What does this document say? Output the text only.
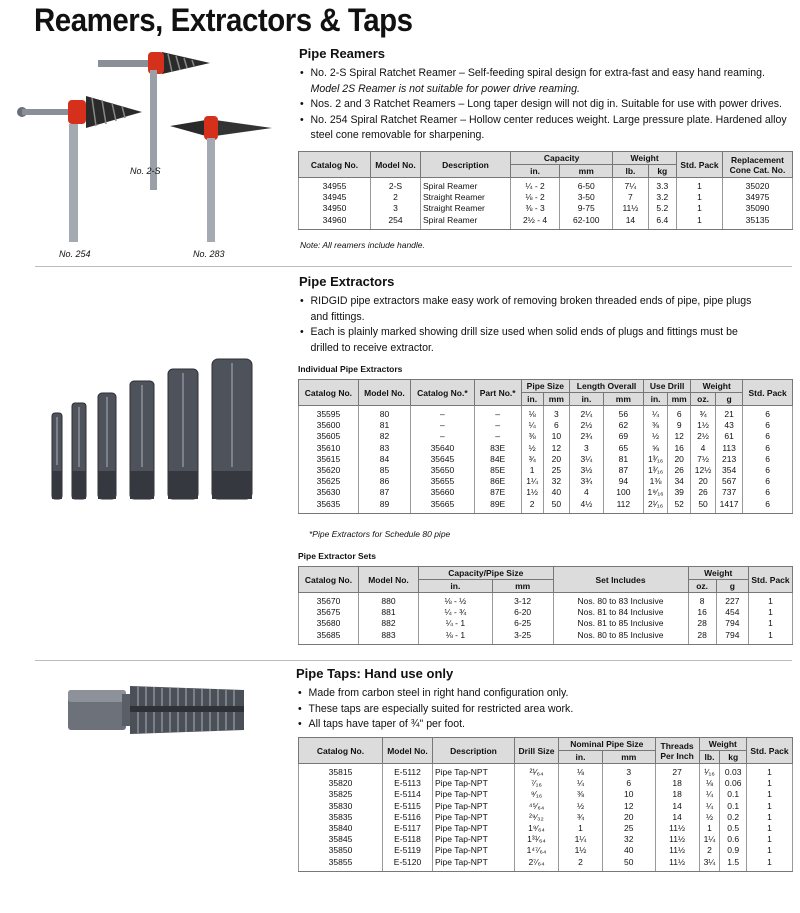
Reamers, Extractors & Taps
No. 2-S
No. 254	No. 283
Pipe Reamers
• No. 2-S Spiral Ratchet Reamer – Self-feeding spiral design for extra-fast and easy hand reaming.
Model 2S Reamer is not suitable for power drive reaming.
• Nos. 2 and 3 Ratchet Reamers – Long taper design will not dig in. Suitable for use with power drives.
• No. 254 Spiral Ratchet Reamer – Hollow center reduces weight. Large pressure plate. Hardened alloy
steel cone removable for sharpening.
Catalog No.	Model No.	Description	Capacity		Weight		Std. Pack	Replacement Cone Cat. No.
			in.	mm	lb.	kg		
34955	2-S	Spiral Reamer	¼ - 2	6-50	7¼	3.3	1	35020
34945	2	Straight Reamer	⅛ - 2	3-50	7	3.2	1	34975
34950	3	Straight Reamer	⅜ - 3	9-75	11½	5.2	1	35090
34960	254	Spiral Reamer	2½ - 4	62-100	14	6.4	1	35135
Note: All reamers include handle.
Pipe Extractors
• RIDGID pipe extractors make easy work of removing broken threaded ends of pipe, pipe plugs
and fittings.
• Each is plainly marked showing drill size used when solid ends of plugs and fittings must be
drilled to receive extractor.
Individual Pipe Extractors
Catalog No.	Model No.	Catalog No.*	Part No.*	Pipe Size		Length Overall		Use Drill		Weight		Std. Pack
				in.	mm	in.	mm	in.	mm	oz.	g	
35595	80	–	–	⅛	3	2¼	56	¼	6	¾	21	6
35600	81	–	–	¼	6	2½	62	⅜	9	1½	43	6
35605	82	–	–	⅜	10	2¾	69	½	12	2½	61	6
35610	83	35640	83E	½	12	3	65	⅝	16	4	113	6
35615	84	35645	84E	¾	20	3¼	81	1³⁄₁₆	20	7½	213	6
35620	85	35650	85E	1	25	3½	87	1³⁄₁₆	26	12½	354	6
35625	86	35655	86E	1¼	32	3¾	94	1⅜	34	20	567	6
35630	87	35660	87E	1½	40	4	100	1⁹⁄₁₆	39	26	737	6
35635	89	35665	89E	2	50	4½	112	2¹⁄₁₆	52	50	1417	6
*Pipe Extractors for Schedule 80 pipe
Pipe Extractor Sets
Catalog No.	Model No.	Capacity/Pipe Size		Set Includes	Weight		Std. Pack
		in.	mm		oz.	g	
35670	880	⅛ - ½	3-12	Nos. 80 to 83 Inclusive	8	227	1
35675	881	¼ - ¾	6-20	Nos. 81 to 84 Inclusive	16	454	1
35680	882	¼ - 1	6-25	Nos. 81 to 85 Inclusive	28	794	1
35685	883	⅛ - 1	3-25	Nos. 80 to 85 Inclusive	28	794	1
Pipe Taps: Hand use only
• Made from carbon steel in right hand configuration only.
• These taps are especially suited for restricted area work.
• All taps have taper of ¾" per foot.
Catalog No.	Model No.	Description	Drill Size	Nominal Pipe Size		Threads Per Inch	Weight		Std. Pack
				in.	mm		lb.	kg	
35815	E-5112	Pipe Tap-NPT	²¹⁄₆₄	⅛	3	27	¹⁄₁₆	0.03	1
35820	E-5113	Pipe Tap-NPT	⁷⁄₁₆	¼	6	18	⅛	0.06	1
35825	E-5114	Pipe Tap-NPT	⁹⁄₁₆	⅜	10	18	¼	0.1	1
35830	E-5115	Pipe Tap-NPT	⁴⁵⁄₆₄	½	12	14	¼	0.1	1
35835	E-5116	Pipe Tap-NPT	²⁹⁄₃₂	¾	20	14	½	0.2	1
35840	E-5117	Pipe Tap-NPT	1⁹⁄₆₄	1	25	11½	1	0.5	1
35845	E-5118	Pipe Tap-NPT	1³¹⁄₆₄	1¼	32	11½	1¼	0.6	1
35850	E-5119	Pipe Tap-NPT	1⁴⁷⁄₆₄	1½	40	11½	2	0.9	1
35855	E-5120	Pipe Tap-NPT	2⁷⁄₆₄	2	50	11½	3¼	1.5	1
